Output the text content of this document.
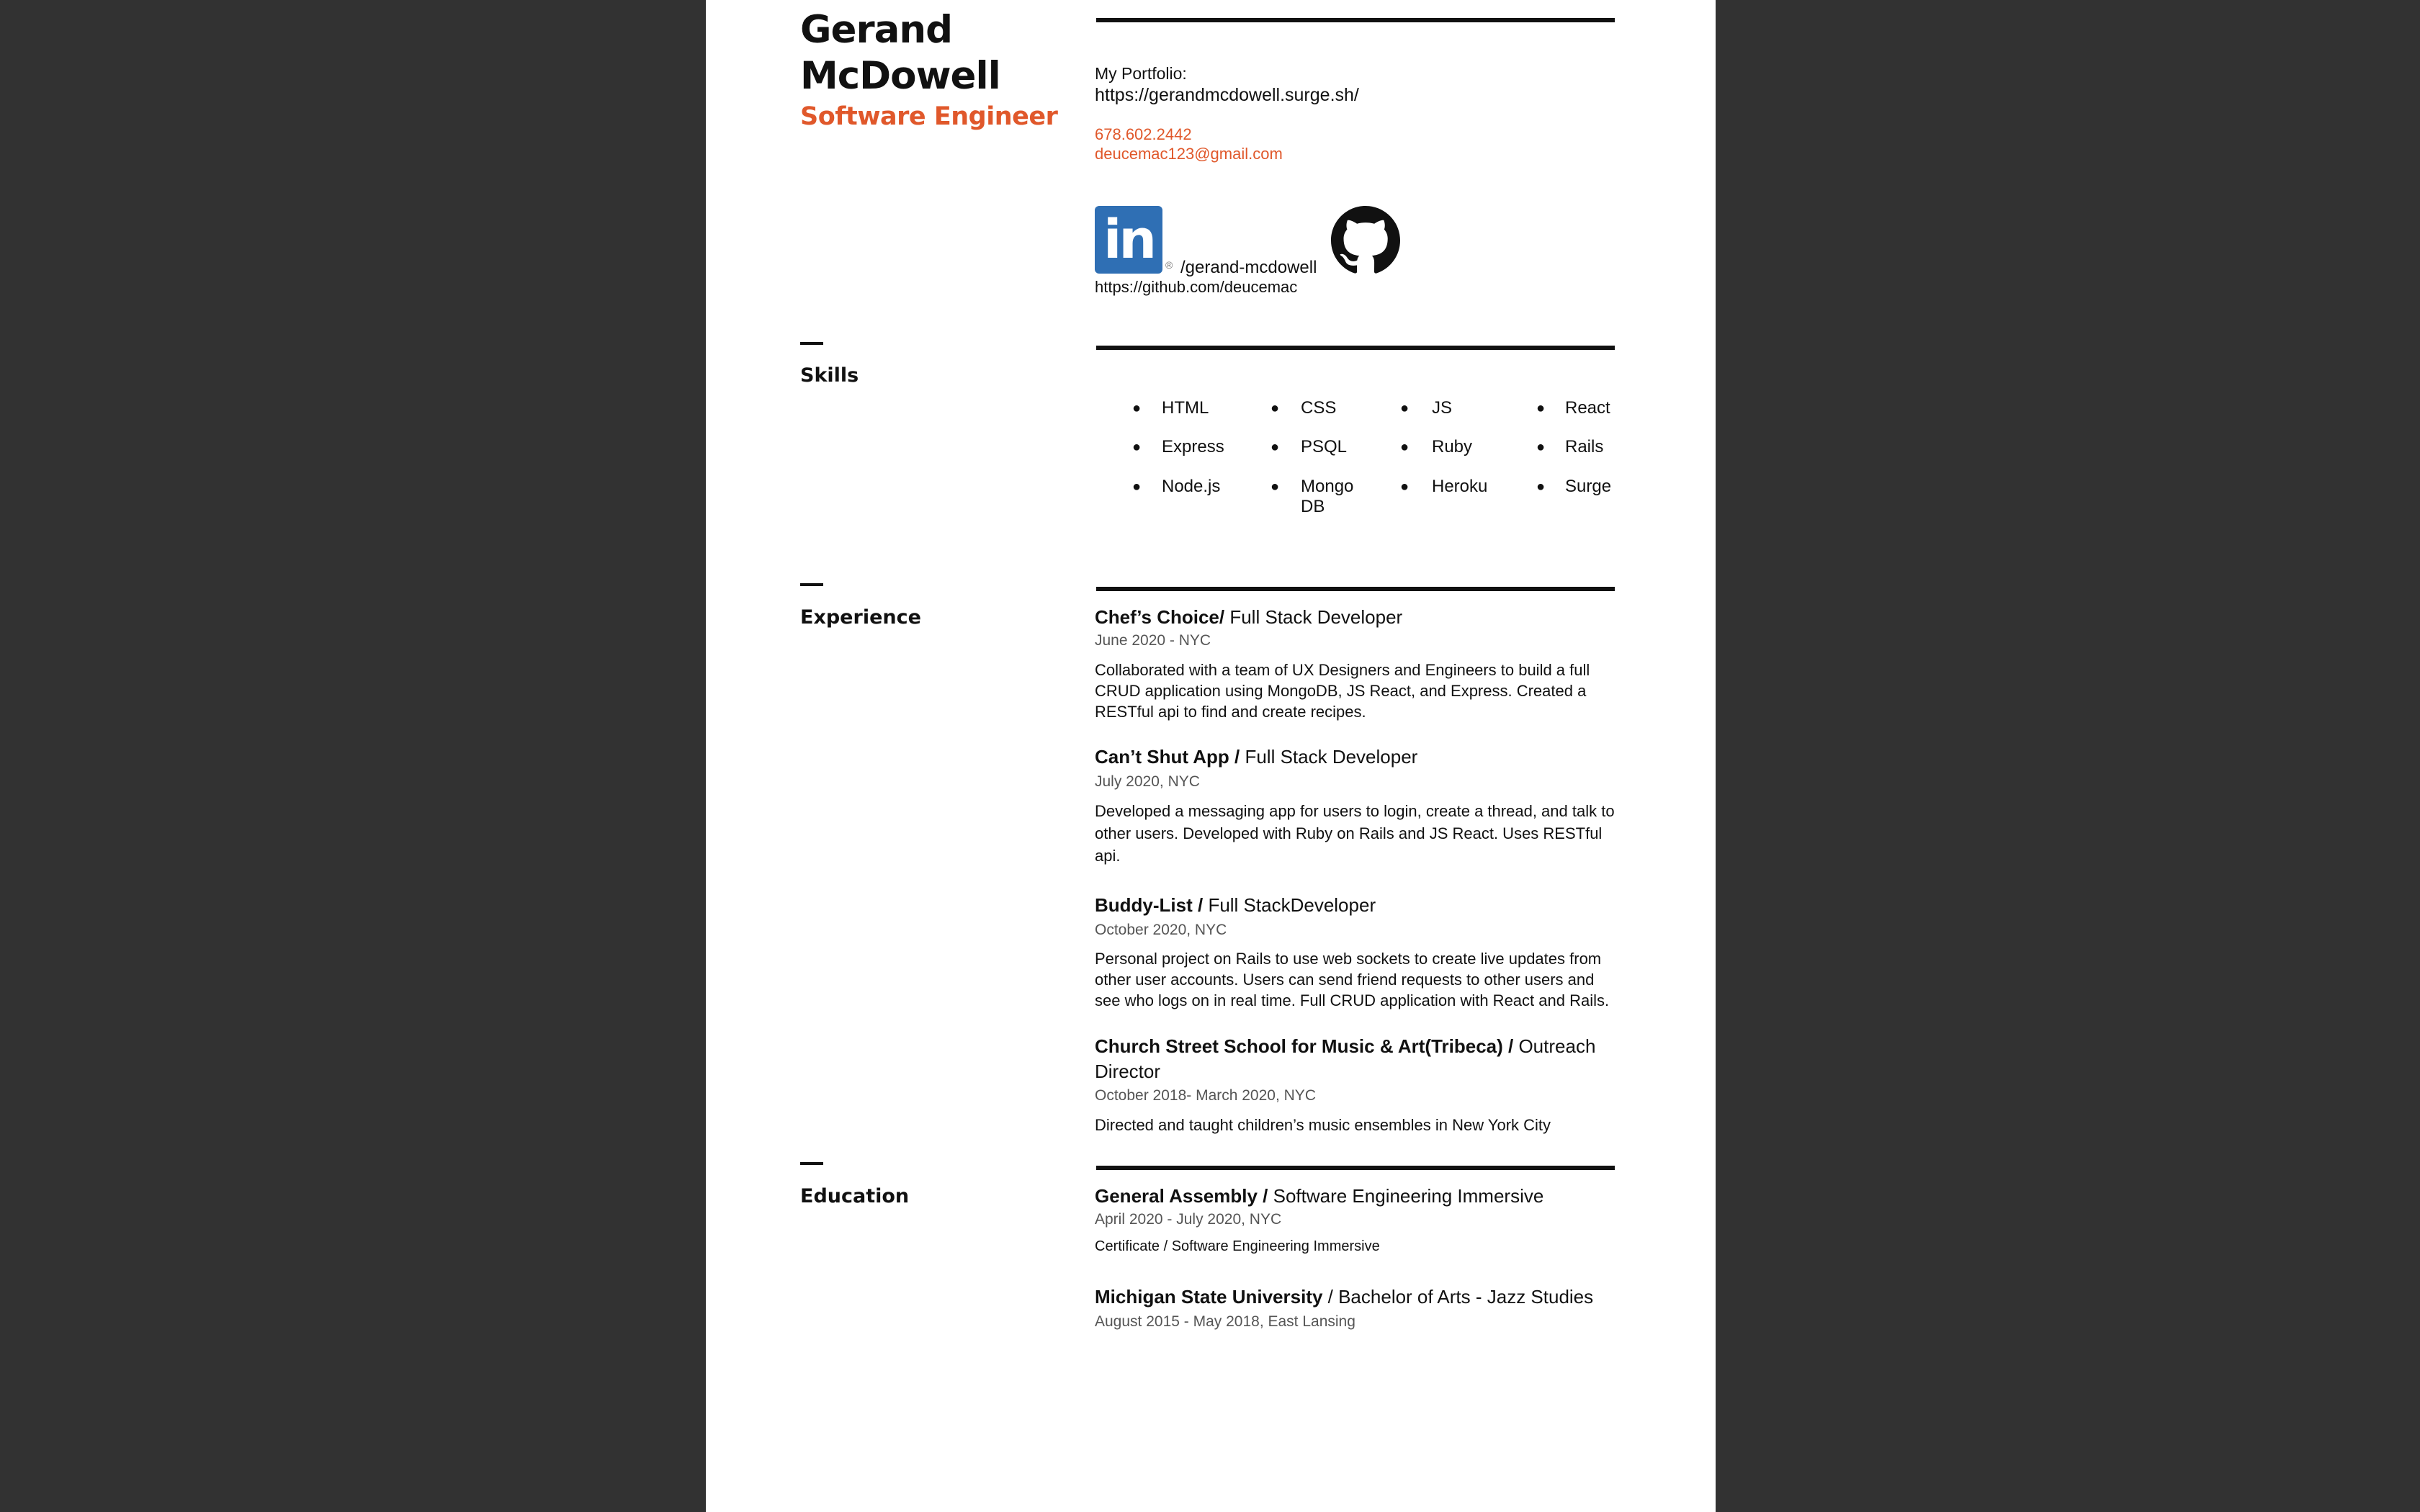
Gerand McDowell
Software Engineer
My Portfolio:
https://gerandmcdowell.surge.sh/
678.602.2442
deucemac123@gmail.com
in	® /gerand-mcdowell
https://github.com/deucemac
Skills
● HTML
● Express
● Node.js
● CSS
● PSQL
● Mongo DB
● JS
● Ruby
● Heroku
● React
● Rails
● Surge
Experience	Chef’s Choice/ Full Stack Developer
June 2020 - NYC
Collaborated with a team of UX Designers and Engineers to build a full CRUD application using MongoDB, JS React, and Express. Created a RESTful api to find and create recipes.
Can’t Shut App / Full Stack Developer
July 2020, NYC
Developed a messaging app for users to login, create a thread, and talk to other users. Developed with Ruby on Rails and JS React. Uses RESTful api.
Buddy-List / Full StackDeveloper
October 2020, NYC
Personal project on Rails to use web sockets to create live updates from other user accounts. Users can send friend requests to other users and see who logs on in real time. Full CRUD application with React and Rails.
Church Street School for Music & Art(Tribeca) / Outreach Director
October 2018- March 2020, NYC
Directed and taught children’s music ensembles in New York City
Education	General Assembly / Software Engineering Immersive
April 2020 - July 2020, NYC
Certificate / Software Engineering Immersive
Michigan State University / Bachelor of Arts - Jazz Studies
August 2015 - May 2018, East Lansing
